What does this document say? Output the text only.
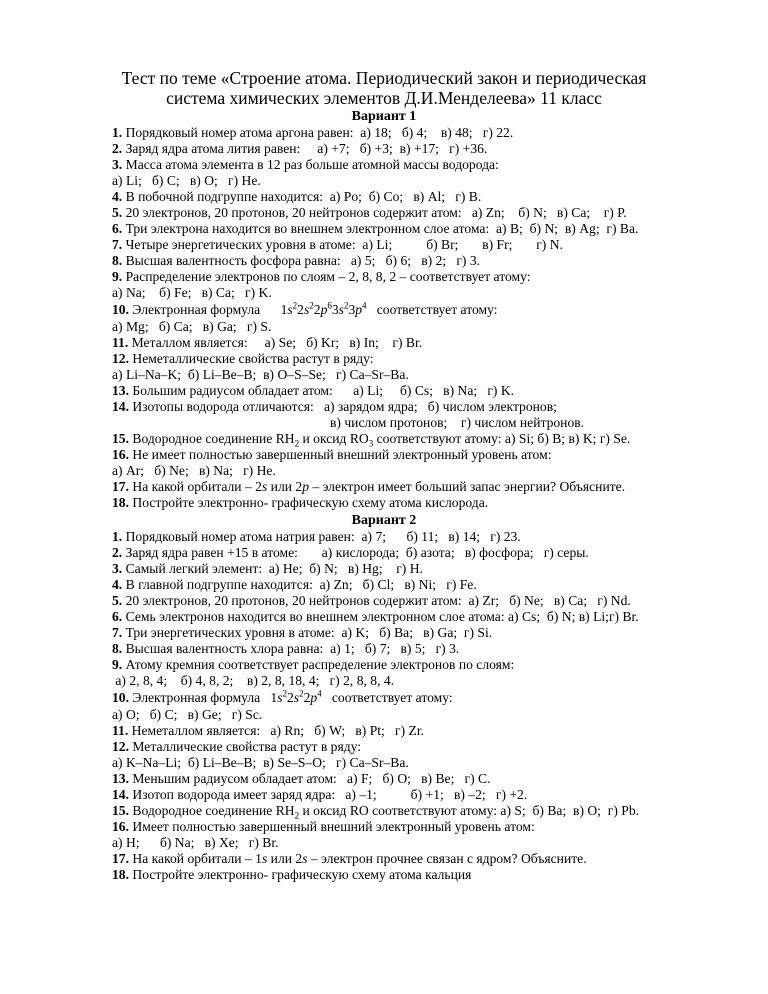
Тест по теме «Строение атома. Периодический закон и периодическая
система химических элементов Д.И.Менделеева» 11 класс
Вариант 1
1. Порядковый номер атома аргона равен:  а) 18;   б) 4;    в) 48;   г) 22.
2. Заряд ядра атома лития равен:     а) +7;   б) +3;  в) +17;   г) +36.
3. Масса атома элемента в 12 раз больше атомной массы водорода:
а) Li;   б) C;   в) O;   г) He.
4. В побочной подгруппе находится:  а) Po;  б) Co;   в) Al;   г) B.
5. 20 электронов, 20 протонов, 20 нейтронов содержит атом:   а) Zn;    б) N;   в) Ca;    г) P.
6. Три электрона находится во внешнем электронном слое атома:  а) B;  б) N;  в) Ag;  г) Ba.
7. Четыре энергетических уровня в атоме:  а) Li;          б) Br;       в) Fr;       г) N.
8. Высшая валентность фосфора равна:   а) 5;   б) 6;   в) 2;   г) 3.
9. Распределение электронов по слоям – 2, 8, 8, 2 – соответствует атому:
а) Na;    б) Fe;   в) Ca;   г) K.
10. Электронная формула      $1s^22s^22p^63s^23p^4$   соответствует атому:
а) Mg;   б) Ca;   в) Ga;   г) S.
11. Металлом является:     а) Se;   б) Kr;   в) In;    г) Br.
12. Неметаллические свойства растут в ряду:
а) Li–Na–K;  б) Li–Be–B;  в) O–S–Se;   г) Ca–Sr–Ba.
13. Большим радиусом обладает атом:      а) Li;     б) Cs;   в) Na;   г) K.
14. Изотопы водорода отличаются:   а) зарядом ядра;   б) числом электронов;
в) числом протонов;    г) числом нейтронов.
15. Водородное соединение $RH_2$ и оксид $RO_3$ соответствуют атому: а) Si; б) B; в) K; г) Se.
16. Не имеет полностью завершенный внешний электронный уровень атом:
а) Ar;   б) Ne;   в) Na;   г) He.
17. На какой орбитали – 2s или 2p – электрон имеет больший запас энергии? Объясните.
18. Постройте электронно- графическую схему атома кислорода.
Вариант 2
1. Порядковый номер атома натрия равен:  а) 7;      б) 11;   в) 14;   г) 23.
2. Заряд ядра равен +15 в атоме:       а) кислорода;  б) азота;   в) фосфора;   г) серы.
3. Самый легкий элемент:  а) He;  б) N;   в) Hg;    г) H.
4. В главной подгруппе находится:  а) Zn;   б) Cl;   в) Ni;   г) Fe.
5. 20 электронов, 20 протонов, 20 нейтронов содержит атом:  а) Zr;   б) Ne;   в) Ca;   г) Nd.
6. Семь электронов находится во внешнем электронном слое атома: а) Cs;  б) N; в) Li;г) Br.
7. Три энергетических уровня в атоме:  а) K;   б) Ba;   в) Ga;  г) Si.
8. Высшая валентность хлора равна:  а) 1;   б) 7;   в) 5;   г) 3.
9. Атому кремния соответствует распределение электронов по слоям:
а) 2, 8, 4;    б) 4, 8, 2;    в) 2, 8, 18, 4;   г) 2, 8, 8, 4.
10. Электронная формула   $1s^22s^22p^4$   соответствует атому:
а) O;   б) C;   в) Ge;   г) Sc.
11. Неметаллом является:   а) Rn;   б) W;   в) Pt;   г) Zr.
12. Металлические свойства растут в ряду:
а) K–Na–Li;  б) Li–Be–B;  в) Se–S–O;   г) Ca–Sr–Ba.
13. Меньшим радиусом обладает атом:   а) F;   б) O;   в) Be;   г) C.
14. Изотоп водорода имеет заряд ядра:   а) –1;          б) +1;   в) –2;   г) +2.
15. Водородное соединение $RH_2$ и оксид RO соответствуют атому: а) S;  б) Ba;  в) O;  г) Pb.
16. Имеет полностью завершенный внешний электронный уровень атом:
а) H;      б) Na;   в) Xe;   г) Br.
17. На какой орбитали – 1s или 2s – электрон прочнее связан с ядром? Объясните.
18. Постройте электронно- графическую схему атома кальция
